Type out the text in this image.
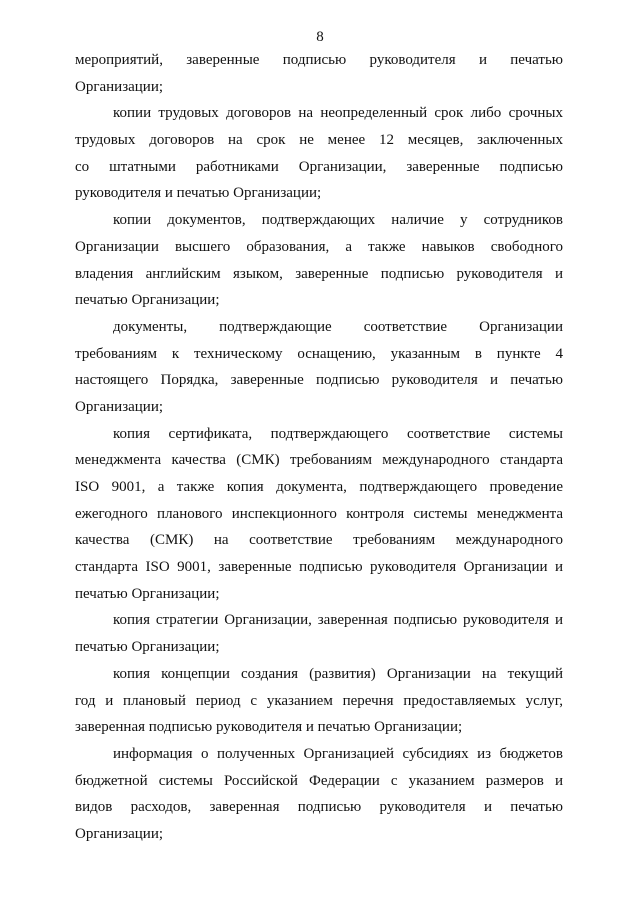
8
мероприятий, заверенные подписью руководителя и печатью
Организации;
копии трудовых договоров на неопределенный срок либо срочных
трудовых договоров на срок не менее 12 месяцев, заключенных
со штатными работниками Организации, заверенные подписью
руководителя и печатью Организации;
копии документов, подтверждающих наличие у сотрудников
Организации высшего образования, а также навыков свободного
владения английским языком, заверенные подписью руководителя и
печатью Организации;
документы, подтверждающие соответствие Организации
требованиям к техническому оснащению, указанным в пункте 4
настоящего Порядка, заверенные подписью руководителя и печатью
Организации;
копия сертификата, подтверждающего соответствие системы
менеджмента качества (СМК) требованиям международного стандарта
ISO 9001, а также копия документа, подтверждающего проведение
ежегодного планового инспекционного контроля системы менеджмента
качества (СМК) на соответствие требованиям международного
стандарта ISO 9001, заверенные подписью руководителя Организации и
печатью Организации;
копия стратегии Организации, заверенная подписью руководителя и
печатью Организации;
копия концепции создания (развития) Организации на текущий
год и плановый период с указанием перечня предоставляемых услуг,
заверенная подписью руководителя и печатью Организации;
информация о полученных Организацией субсидиях из бюджетов
бюджетной системы Российской Федерации с указанием размеров и
видов расходов, заверенная подписью руководителя и печатью
Организации;
